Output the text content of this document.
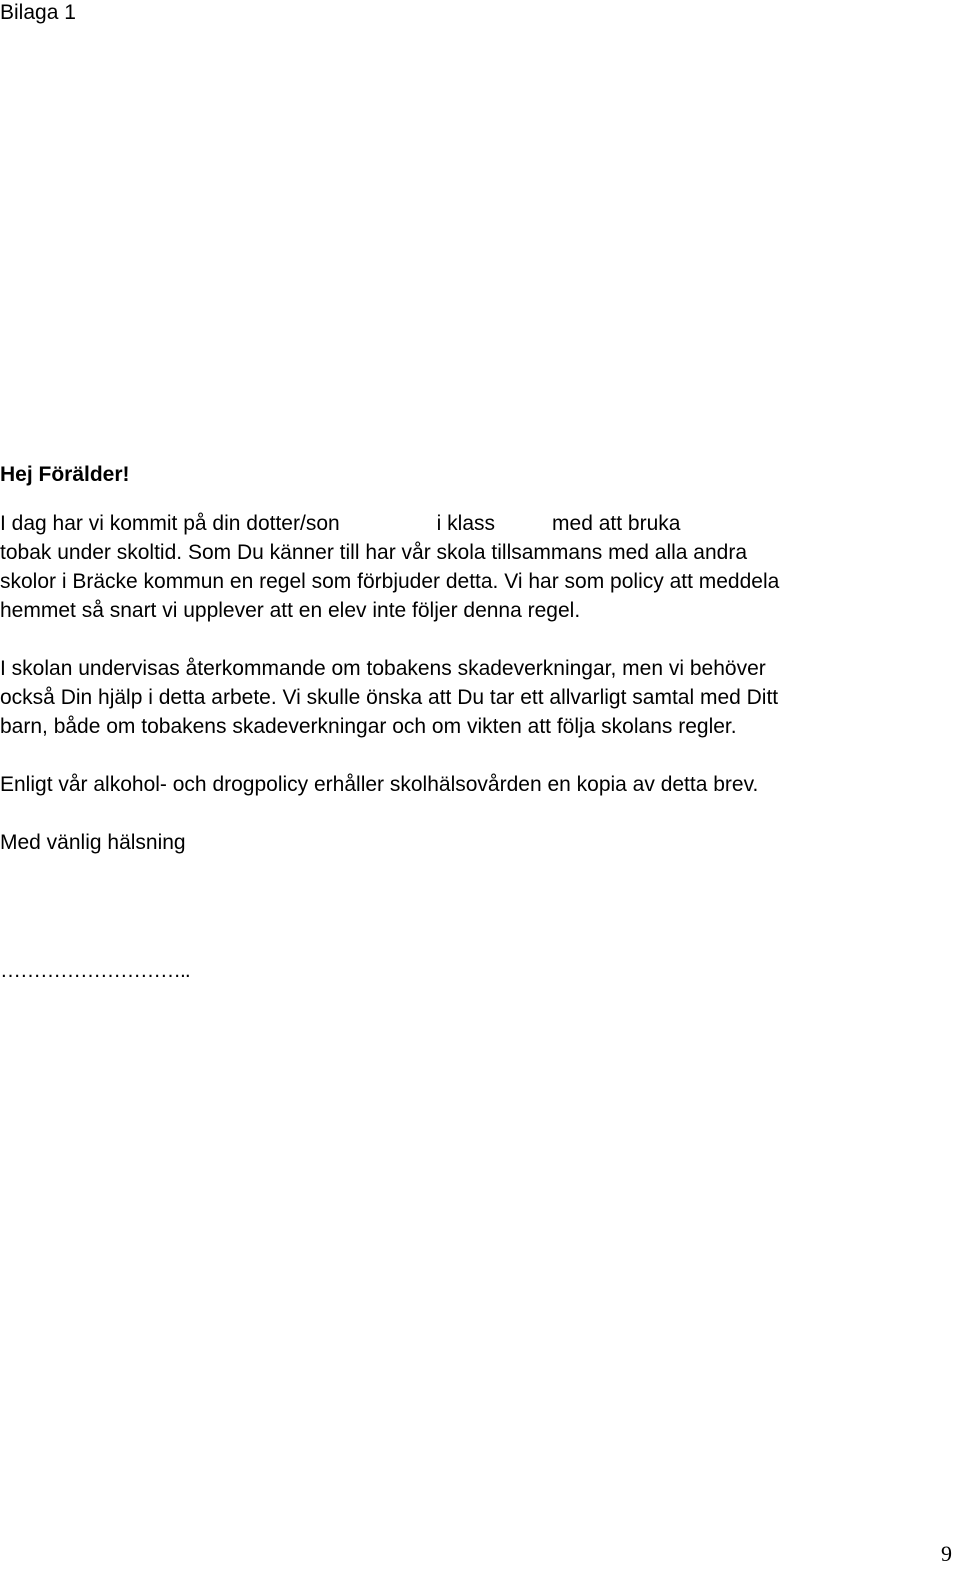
Bilaga 1
Hej Förälder!
I dag har vi kommit på din dotter/son	i klass	med att bruka
tobak under skoltid. Som Du känner till har vår skola tillsammans med alla andra
skolor i Bräcke kommun en regel som förbjuder detta. Vi har som policy att meddela
hemmet så snart vi upplever att en elev inte följer denna regel.
I skolan undervisas återkommande om tobakens skadeverkningar, men vi behöver
också Din hjälp i detta arbete. Vi skulle önska att Du tar ett allvarligt samtal med Ditt
barn, både om tobakens skadeverkningar och om vikten att följa skolans regler.
Enligt vår alkohol- och drogpolicy erhåller skolhälsovården en kopia av detta brev.
Med vänlig hälsning
………………………..
9
